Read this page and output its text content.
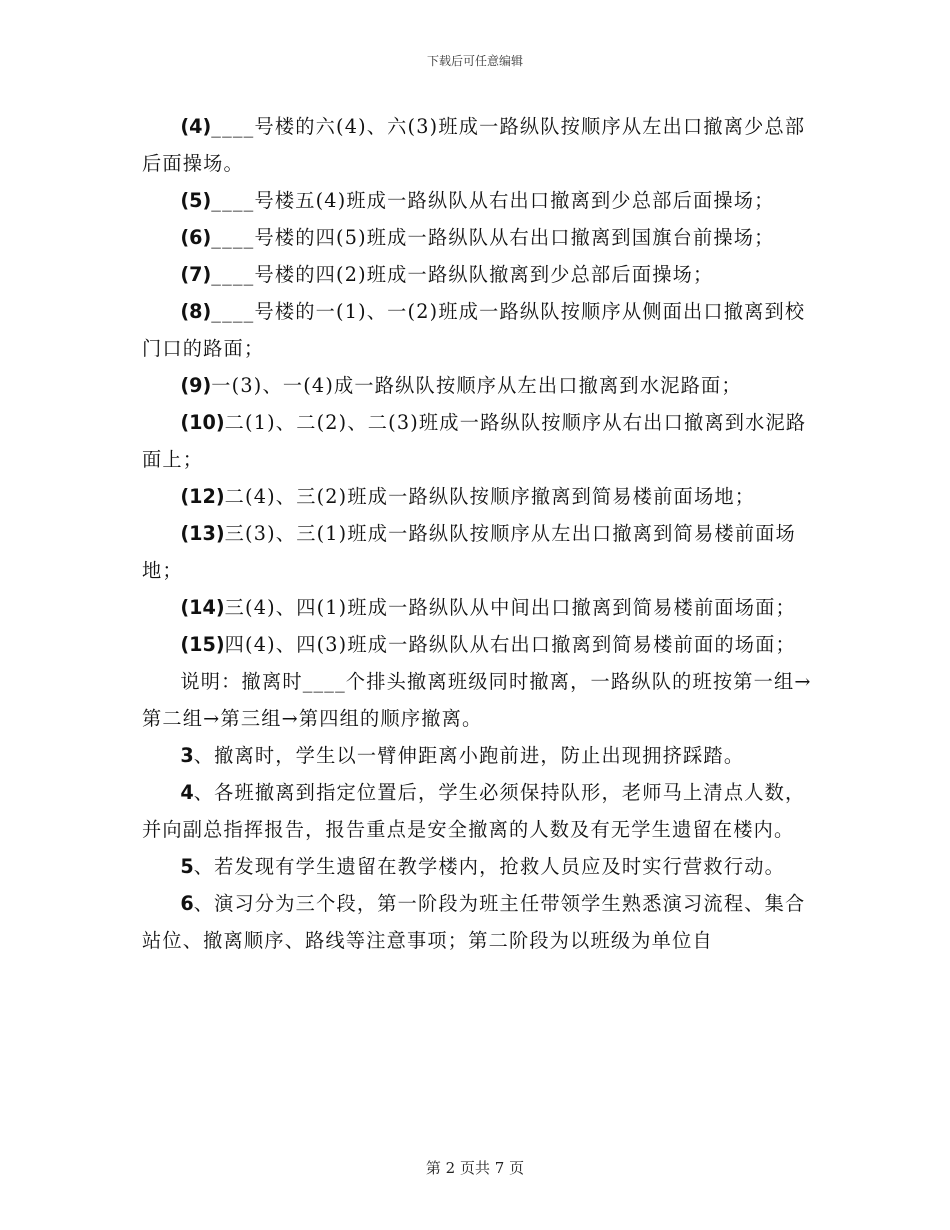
下载后可任意编辑

(4)____号楼的六(4)、六(3)班成一路纵队按顺序从左出口撤离少总部后面操场。

(5)____号楼五(4)班成一路纵队从右出口撤离到少总部后面操场；

(6)____号楼的四(5)班成一路纵队从右出口撤离到国旗台前操场；

(7)____号楼的四(2)班成一路纵队撤离到少总部后面操场；

(8)____号楼的一(1)、一(2)班成一路纵队按顺序从侧面出口撤离到校门口的路面；

(9)一(3)、一(4)成一路纵队按顺序从左出口撤离到水泥路面；

(10)二(1)、二(2)、二(3)班成一路纵队按顺序从右出口撤离到水泥路面上；

(12)二(4)、三(2)班成一路纵队按顺序撤离到简易楼前面场地；

(13)三(3)、三(1)班成一路纵队按顺序从左出口撤离到简易楼前面场地；

(14)三(4)、四(1)班成一路纵队从中间出口撤离到简易楼前面场面；

(15)四(4)、四(3)班成一路纵队从右出口撤离到简易楼前面的场面；

说明：撤离时____个排头撤离班级同时撤离，一路纵队的班按第一组→第二组→第三组→第四组的顺序撤离。

3、撤离时，学生以一臂伸距离小跑前进，防止出现拥挤踩踏。

4、各班撤离到指定位置后，学生必须保持队形，老师马上清点人数，并向副总指挥报告，报告重点是安全撤离的人数及有无学生遗留在楼内。

5、若发现有学生遗留在教学楼内，抢救人员应及时实行营救行动。

6、演习分为三个段，第一阶段为班主任带领学生熟悉演习流程、集合站位、撤离顺序、路线等注意事项；第二阶段为以班级为单位自

第 2 页共 7 页
